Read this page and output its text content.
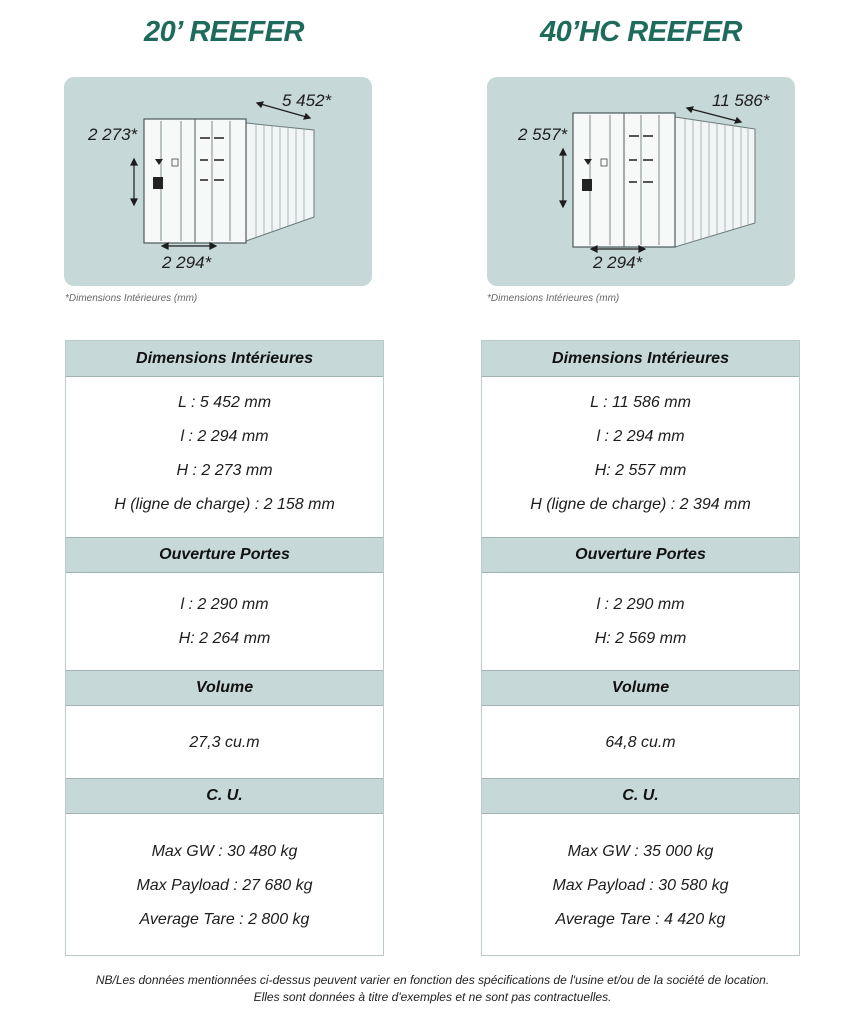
20’ REEFER
5 452*
2 273*
2 294*
*Dimensions Intérieures (mm)
Dimensions Intérieures
L : 5 452 mm
l : 2 294 mm
H : 2 273 mm
H (ligne de charge) : 2 158 mm
Ouverture Portes
l : 2 290 mm
H: 2 264 mm
Volume
27,3 cu.m
C. U.
Max GW : 30 480 kg
Max Payload : 27 680 kg
Average Tare : 2 800 kg
40’HC REEFER
11 586*
2 557*
2 294*
*Dimensions Intérieures (mm)
Dimensions Intérieures
L : 11 586 mm
l : 2 294 mm
H: 2 557 mm
H (ligne de charge) : 2 394 mm
Ouverture Portes
l : 2 290 mm
H: 2 569 mm
Volume
64,8 cu.m
C. U.
Max GW : 35 000 kg
Max Payload : 30 580 kg
Average Tare : 4 420 kg
NB/Les données mentionnées ci-dessus peuvent varier en fonction des spécifications de l'usine et/ou de la société de location.
Elles sont données à titre d'exemples et ne sont pas contractuelles.
